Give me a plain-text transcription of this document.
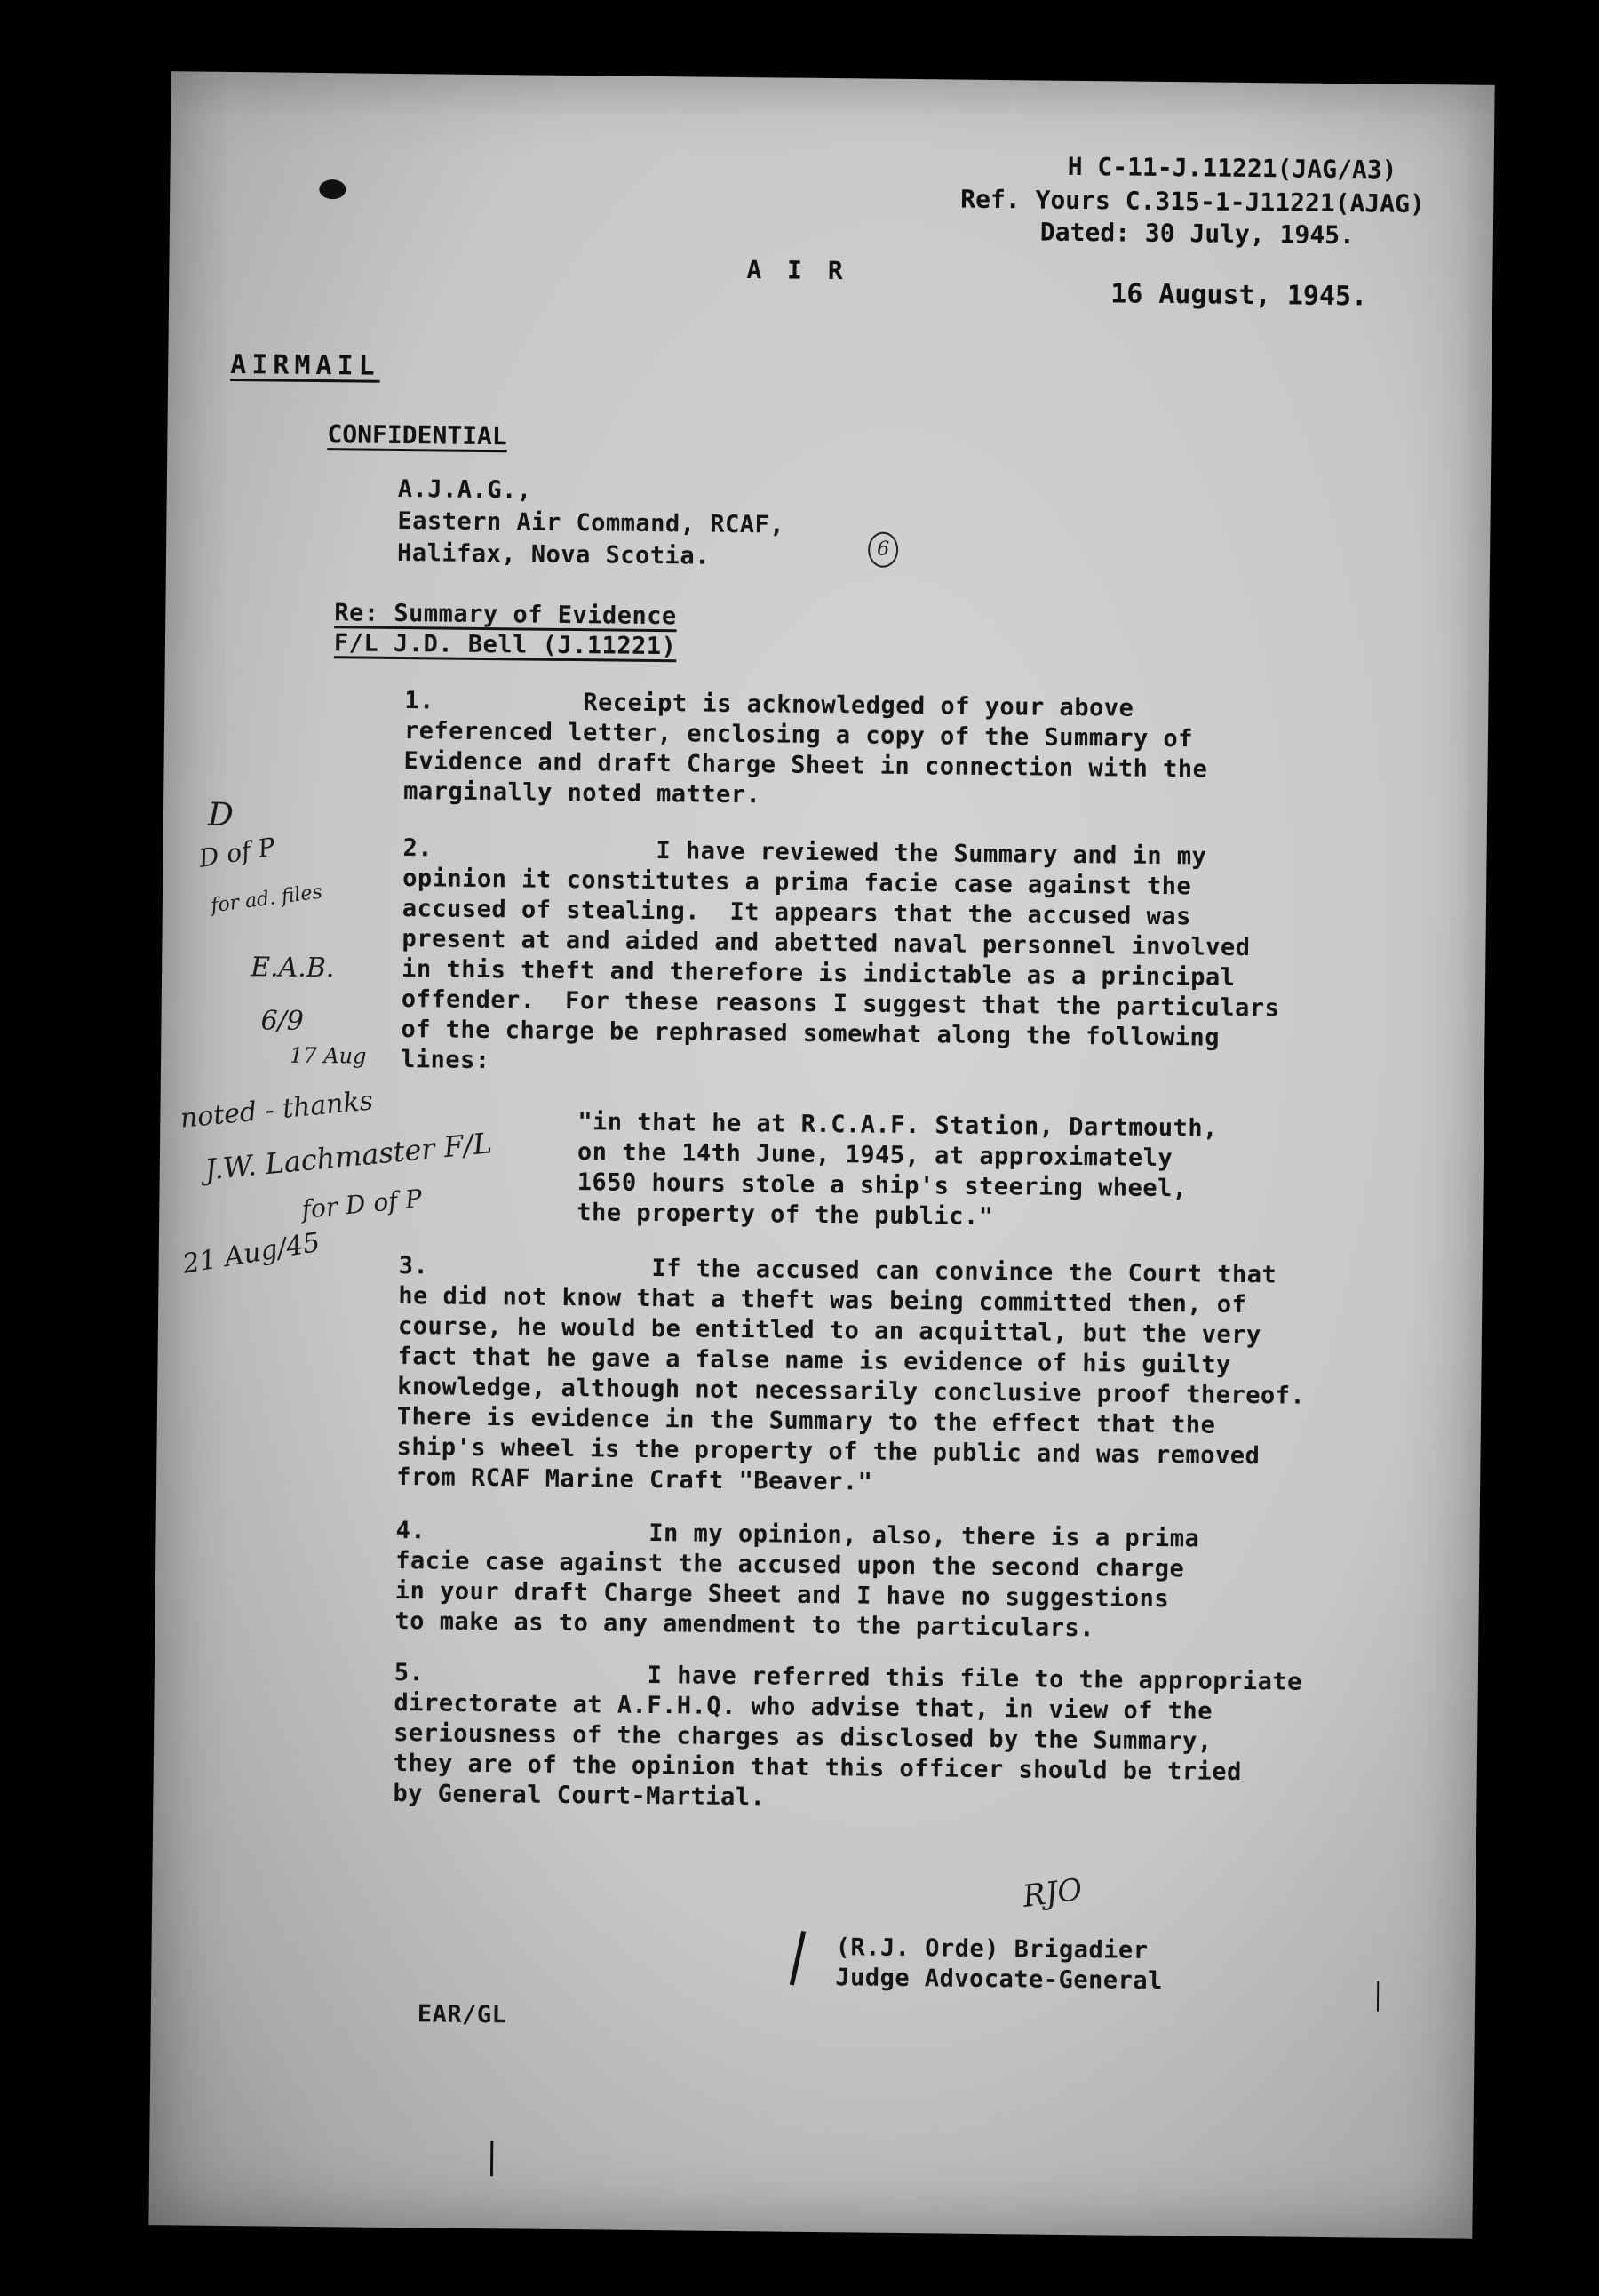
H C-11-J.11221(JAG/A3)
Ref. Yours C.315-1-J11221(AJAG)
Dated: 30 July, 1945.
A I R
16 August, 1945.
AIRMAIL
CONFIDENTIAL
A.J.A.G.,
Eastern Air Command, RCAF,
Halifax, Nova Scotia.	6
Re: Summary of Evidence
F/L J.D. Bell (J.11221)
1.          Receipt is acknowledged of your above
referenced letter, enclosing a copy of the Summary of
Evidence and draft Charge Sheet in connection with the
marginally noted matter.
2.               I have reviewed the Summary and in my
opinion it constitutes a prima facie case against the
accused of stealing.  It appears that the accused was
present at and aided and abetted naval personnel involved
in this theft and therefore is indictable as a principal
offender.  For these reasons I suggest that the particulars
of the charge be rephrased somewhat along the following
lines:
"in that he at R.C.A.F. Station, Dartmouth,
on the 14th June, 1945, at approximately
1650 hours stole a ship's steering wheel,
the property of the public."
3.               If the accused can convince the Court that
he did not know that a theft was being committed then, of
course, he would be entitled to an acquittal, but the very
fact that he gave a false name is evidence of his guilty
knowledge, although not necessarily conclusive proof thereof.
There is evidence in the Summary to the effect that the
ship's wheel is the property of the public and was removed
from RCAF Marine Craft "Beaver."
4.               In my opinion, also, there is a prima
facie case against the accused upon the second charge
in your draft Charge Sheet and I have no suggestions
to make as to any amendment to the particulars.
5.               I have referred this file to the appropriate
directorate at A.F.H.Q. who advise that, in view of the
seriousness of the charges as disclosed by the Summary,
they are of the opinion that this officer should be tried
by General Court-Martial.
RJO
(R.J. Orde) Brigadier
Judge Advocate-General
EAR/GL
D
D of P
for ad. files
E.A.B.
6/9
17 Aug
noted - thanks
J.W. Lachmaster F/L
for D of P
21 Aug/45
